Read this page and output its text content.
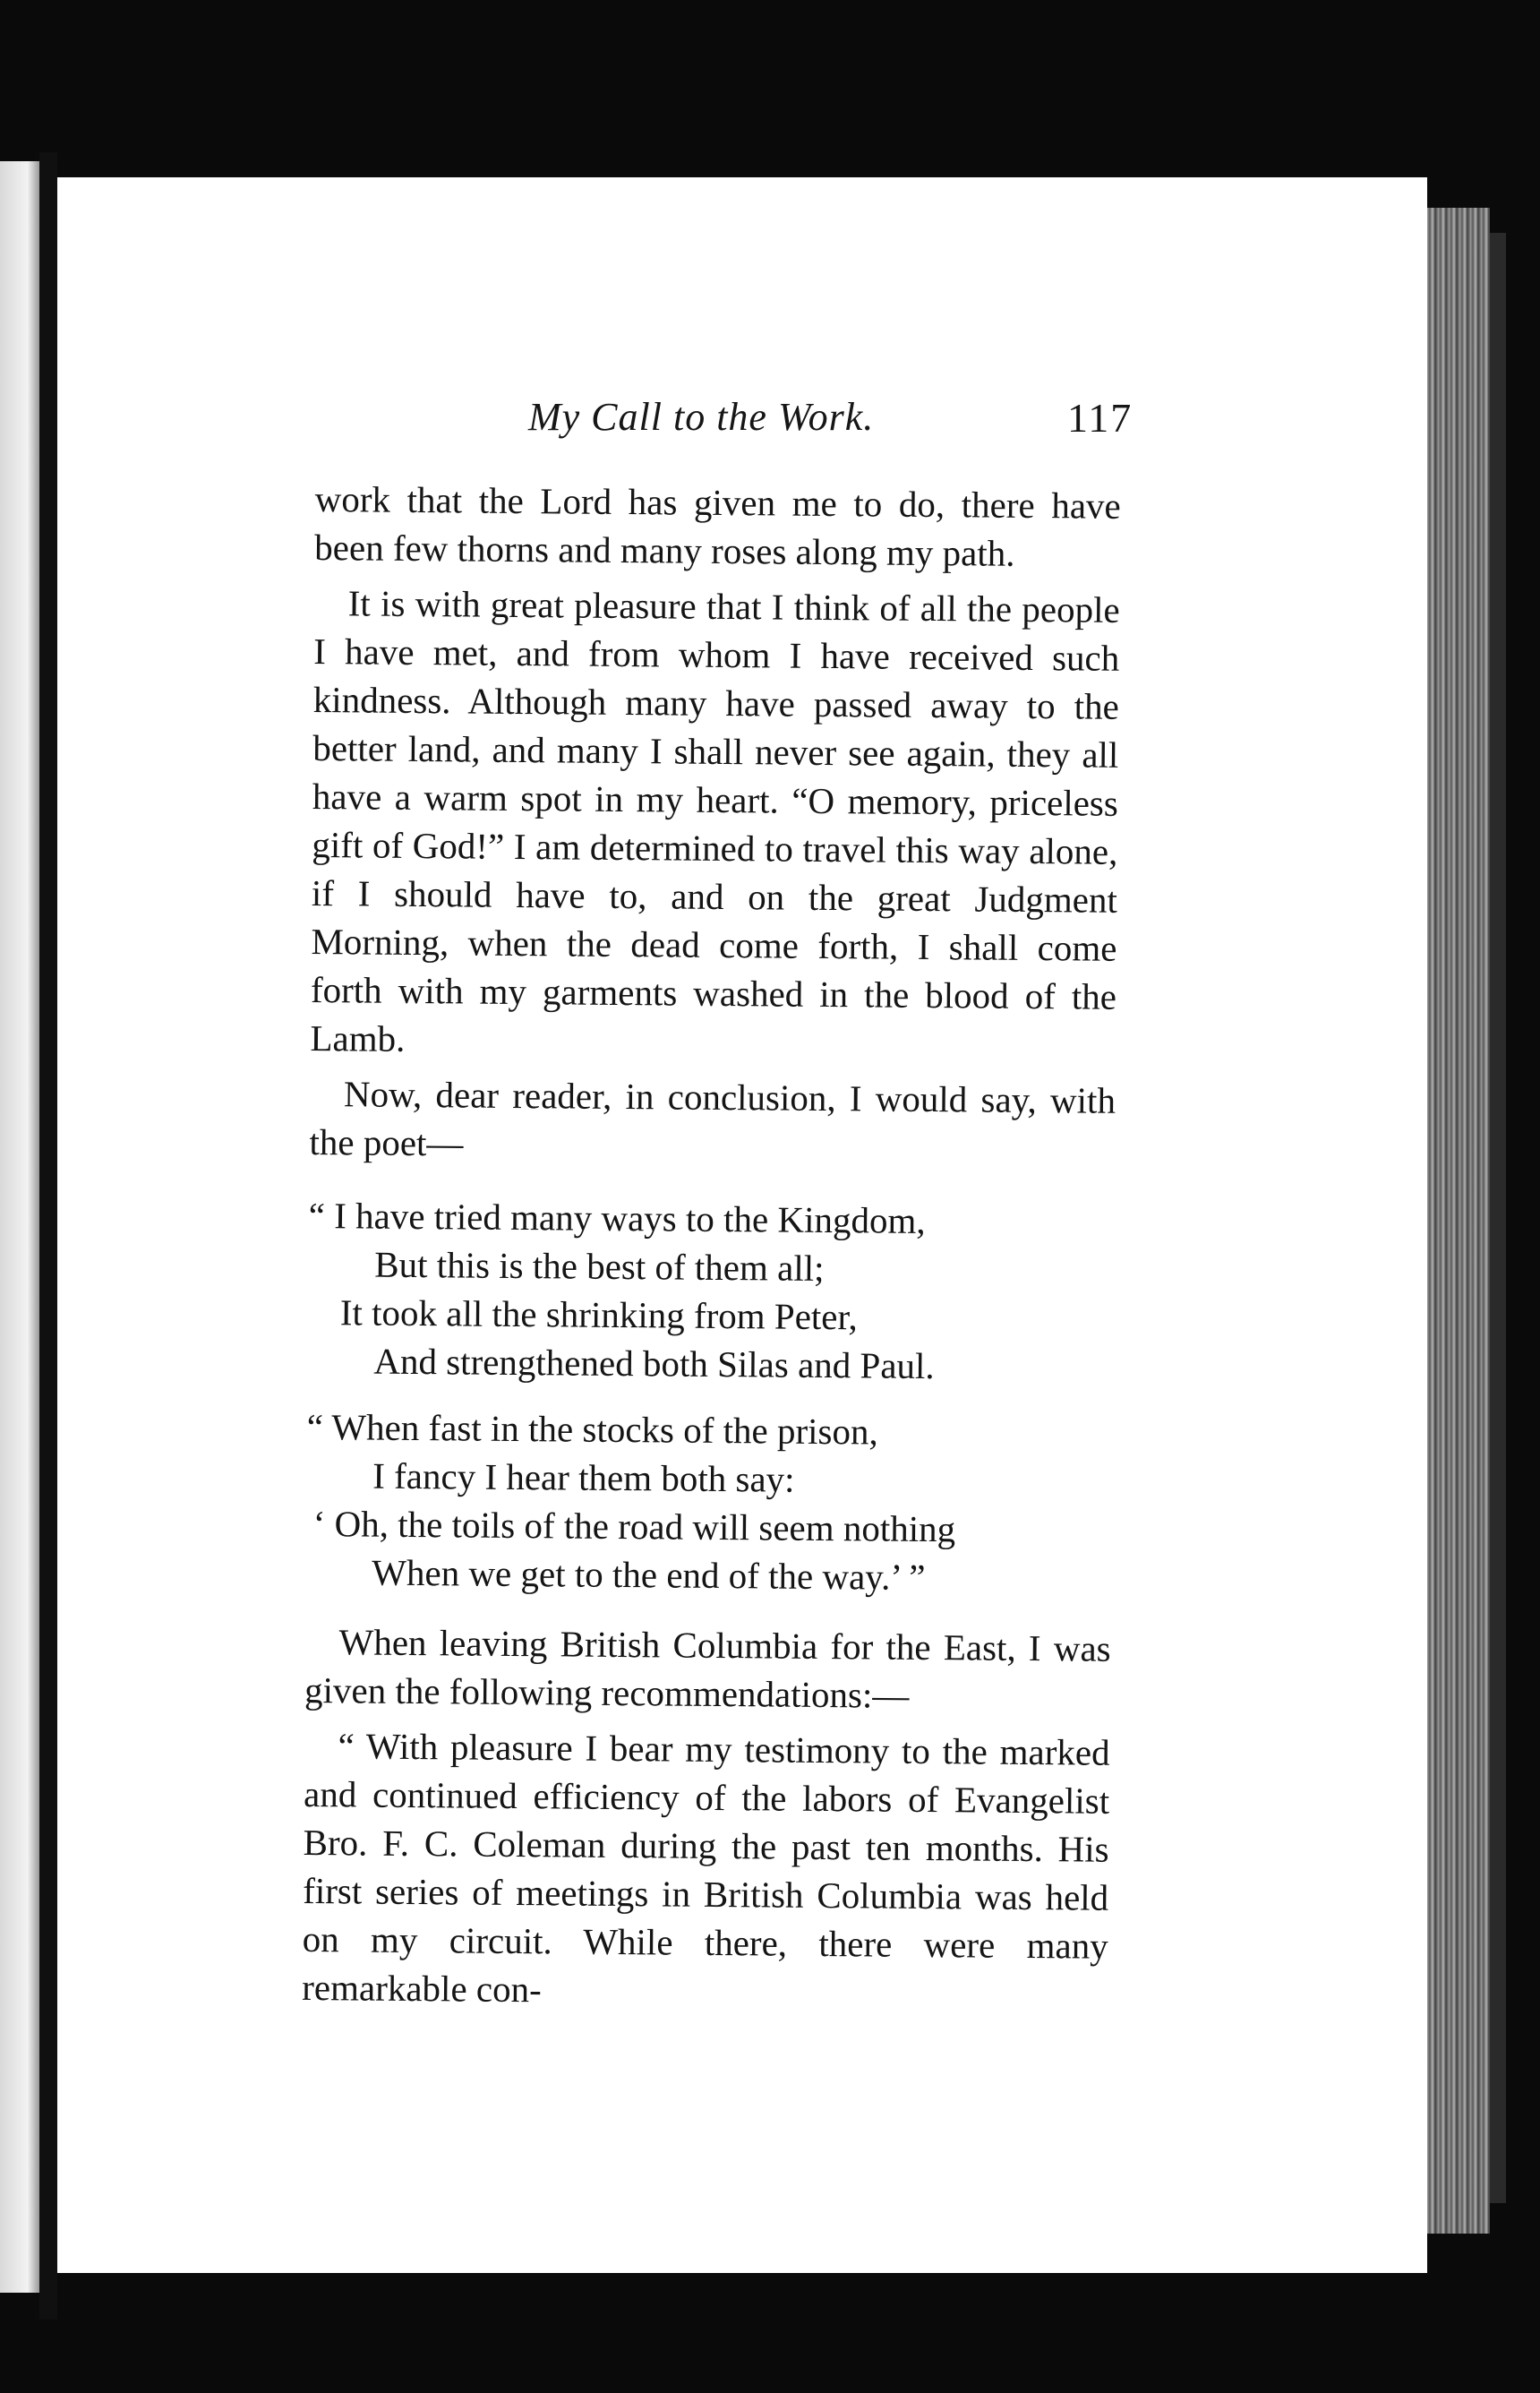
My Call to the Work.	117

work that the Lord has given me to do, there have been few thorns and many roses along my path.

It is with great pleasure that I think of all the people I have met, and from whom I have received such kindness. Although many have passed away to the better land, and many I shall never see again, they all have a warm spot in my heart. “O memory, priceless gift of God!” I am determined to travel this way alone, if I should have to, and on the great Judgment Morning, when the dead come forth, I shall come forth with my garments washed in the blood of the Lamb.

Now, dear reader, in conclusion, I would say, with the poet—

“ I have tried many ways to the Kingdom,
But this is the best of them all;
It took all the shrinking from Peter,
And strengthened both Silas and Paul.
“ When fast in the stocks of the prison,
I fancy I hear them both say:
‘ Oh, the toils of the road will seem nothing
When we get to the end of the way.’ ”

When leaving British Columbia for the East, I was given the following recommendations:—

“ With pleasure I bear my testimony to the marked and continued efficiency of the labors of Evangelist Bro. F. C. Coleman during the past ten months. His first series of meetings in British Columbia was held on my circuit. While there, there were many remarkable con-
